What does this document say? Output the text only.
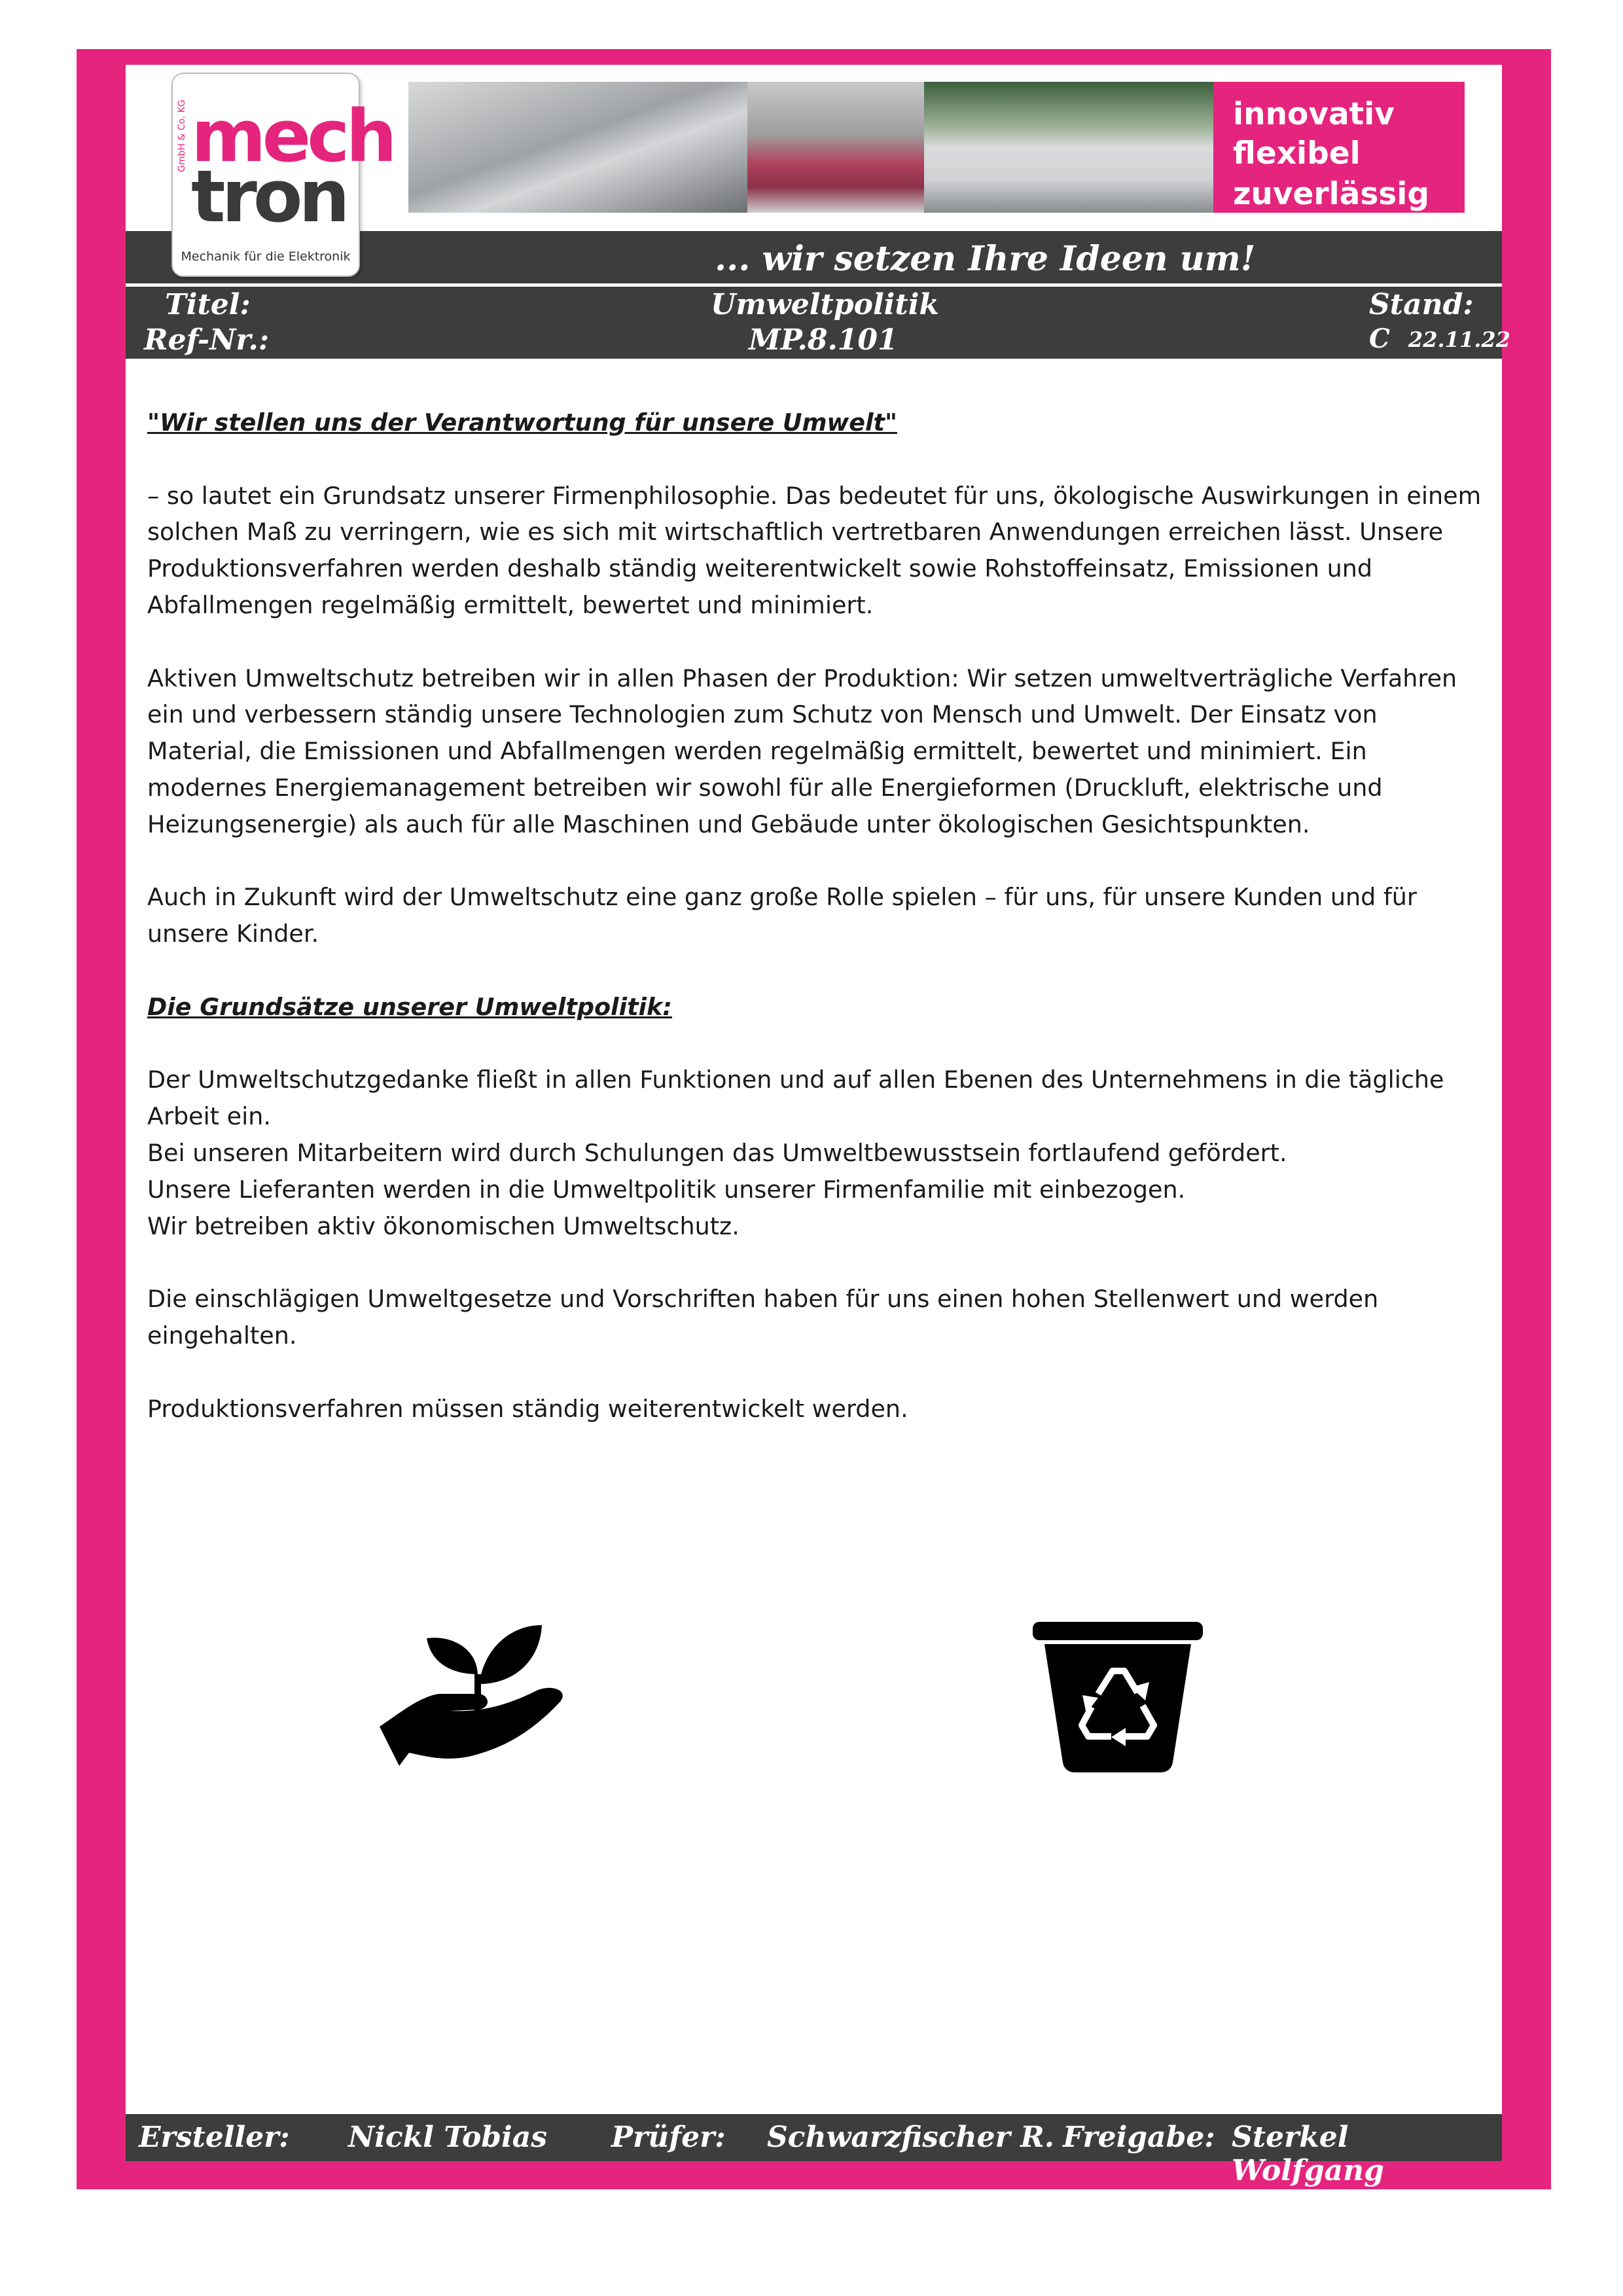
innovativ
flexibel
zuverlässig
mech
tron
GmbH & Co. KG
Mechanik für die Elektronik	... wir setzen Ihre Ideen um!
Titel:	Umweltpolitik	Stand:
Ref-Nr.:	MP.8.101	C 22.11.22
Ersteller: Nickl Tobias Prüfer: Schwarzfischer R. Freigabe: Sterkel Wolfgang

"Wir stellen uns der Verantwortung für unsere Umwelt"

– so lautet ein Grundsatz unserer Firmenphilosophie. Das bedeutet für uns, ökologische Auswirkungen in einem solchen Maß zu verringern, wie es sich mit wirtschaftlich vertretbaren Anwendungen erreichen lässt. Unsere Produktionsverfahren werden deshalb ständig weiterentwickelt sowie Rohstoffeinsatz, Emissionen und Abfallmengen regelmäßig ermittelt, bewertet und minimiert.

Aktiven Umweltschutz betreiben wir in allen Phasen der Produktion: Wir setzen umweltverträgliche Verfahren ein und verbessern ständig unsere Technologien zum Schutz von Mensch und Umwelt. Der Einsatz von Material, die Emissionen und Abfallmengen werden regelmäßig ermittelt, bewertet und minimiert. Ein modernes Energiemanagement betreiben wir sowohl für alle Energieformen (Druckluft, elektrische und Heizungsenergie) als auch für alle Maschinen und Gebäude unter ökologischen Gesichtspunkten.

Auch in Zukunft wird der Umweltschutz eine ganz große Rolle spielen – für uns, für unsere Kunden und für unsere Kinder.

Die Grundsätze unserer Umweltpolitik:

Der Umweltschutzgedanke fließt in allen Funktionen und auf allen Ebenen des Unternehmens in die tägliche Arbeit ein.

Bei unseren Mitarbeitern wird durch Schulungen das Umweltbewusstsein fortlaufend gefördert.

Unsere Lieferanten werden in die Umweltpolitik unserer Firmenfamilie mit einbezogen.

Wir betreiben aktiv ökonomischen Umweltschutz.

Die einschlägigen Umweltgesetze und Vorschriften haben für uns einen hohen Stellenwert und werden eingehalten.

Produktionsverfahren müssen ständig weiterentwickelt werden.
